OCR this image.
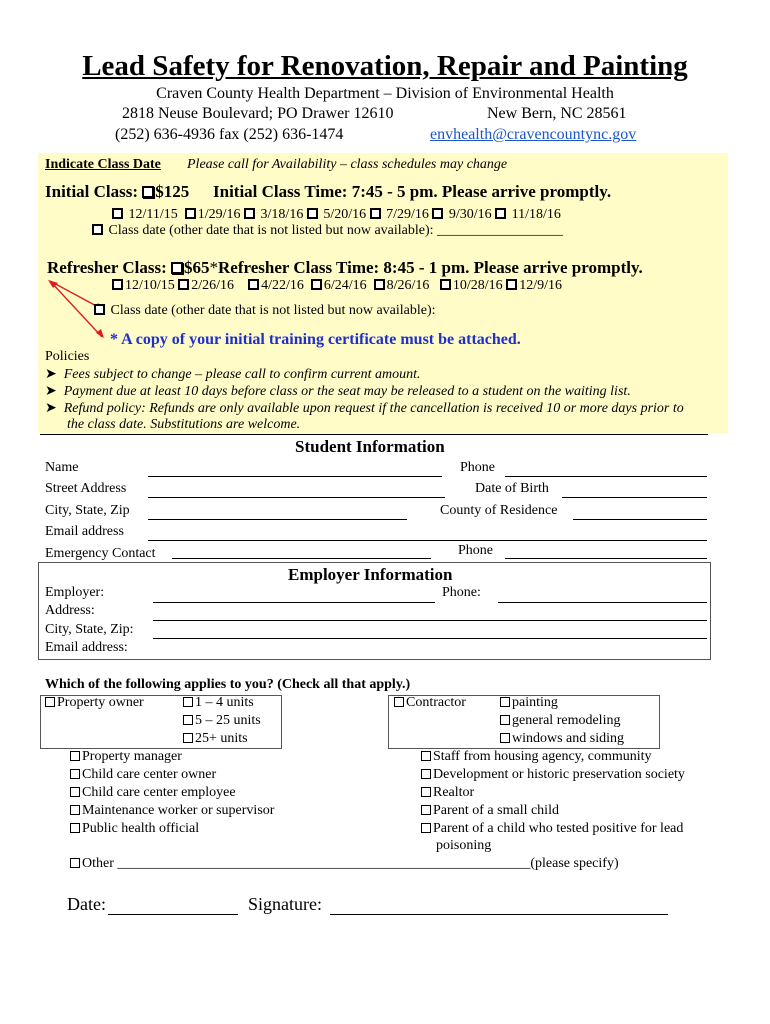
Lead Safety for Renovation, Repair and Painting
Craven County Health Department – Division of Environmental Health
2818 Neuse Boulevard; PO Drawer 12610	New Bern, NC 28561
(252) 636-4936 fax (252) 636-1474	envhealth@cravencountync.gov
Indicate Class Date Please call for Availability – class schedules may change
Initial Class: $125 Initial Class Time: 7:45 - 5 pm. Please arrive promptly.
12/11/15 1/29/16 3/18/16 5/20/16 7/29/16 9/30/16 11/18/16
Class date (other date that is not listed but now available): __________________
Refresher Class: $65*Refresher Class Time: 8:45 - 1 pm. Please arrive promptly.
12/10/15 2/26/16 4/22/16 6/24/16 8/26/16 10/28/16 12/9/16
Class date (other date that is not listed but now available):
* A copy of your initial training certificate must be attached.
Policies
➤ Fees subject to change – please call to confirm current amount.
➤ Payment due at least 10 days before class or the seat may be released to a student on the waiting list.
➤ Refund policy: Refunds are only available upon request if the cancellation is received 10 or more days prior to
the class date. Substitutions are welcome.
Student Information
Name	Phone
Street Address	Date of Birth
City, State, Zip	County of Residence
Email address
Emergency Contact	Phone
Employer Information
Employer:	Phone:
Address:
City, State, Zip:
Email address:
Which of the following applies to you? (Check all that apply.)
Property owner	1 – 4 units
5 – 25 units
25+ units
Contractor	painting
general remodeling
windows and siding
Property manager
Child care center owner
Child care center employee
Maintenance worker or supervisor
Public health official
Staff from housing agency, community
Development or historic preservation society
Realtor
Parent of a small child
Parent of a child who tested positive for lead
poisoning
Other ___________________________________________________________(please specify)
Date:	Signature:
